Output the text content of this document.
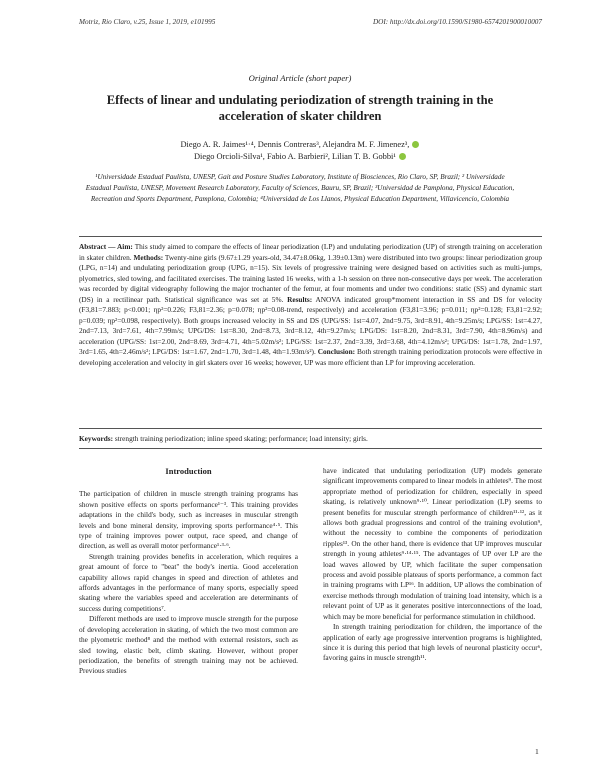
Motriz, Rio Claro, v.25, Issue 1, 2019, e101995	DOI: http://dx.doi.org/10.1590/S1980-6574201900010007
Original Article (short paper)
Effects of linear and undulating periodization of strength training in the acceleration of skater children
Diego A. R. Jaimes¹·⁴, Dennis Contreras³, Alejandra M. F. Jimenez³,
Diego Orcioli-Silva¹, Fabio A. Barbieri², Lilian T. B. Gobbi¹
¹Universidade Estadual Paulista, UNESP, Gait and Posture Studies Laboratory, Institute of Biosciences, Rio Claro, SP, Brazil; ² Universidade Estadual Paulista, UNESP, Movement Research Laboratory, Faculty of Sciences, Bauru, SP, Brazil; ³Universidad de Pamplona, Physical Education, Recreation and Sports Department, Pamplona, Colombia; ⁴Universidad de Los Llanos, Physical Education Department, Villavicencio, Colombia
Abstract — Aim: This study aimed to compare the effects of linear periodization (LP) and undulating periodization (UP) of strength training on acceleration in skater children. Methods: Twenty-nine girls (9.67±1.29 years-old, 34.47±8.06kg, 1.39±0.13m) were distributed into two groups: linear periodization group (LPG, n=14) and undulating periodization group (UPG, n=15). Six levels of progressive training were designed based on activities such as multi-jumps, plyometrics, sled towing, and facilitated exercises. The training lasted 16 weeks, with a 1-h session on three non-consecutive days per week. The acceleration was recorded by digital videography following the major trochanter of the femur, at four moments and under two conditions: static (SS) and dynamic start (DS) in a rectilinear path. Statistical significance was set at 5%. Results: ANOVA indicated group*moment interaction in SS and DS for velocity (F3,81=7.883; p<0.001; ηp²=0.226; F3,81=2.36; p=0.078; ηp²=0.08-trend, respectively) and acceleration (F3,81=3.96; p=0.011; ηp²=0.128; F3,81=2.92; p=0.039; ηp²=0.098, respectively). Both groups increased velocity in SS and DS (UPG/SS: 1st=4.07, 2nd=9.75, 3rd=8.91, 4th=9.25m/s; LPG/SS: 1st=4.27, 2nd=7.13, 3rd=7.61, 4th=7.99m/s; UPG/DS: 1st=8.30, 2nd=8.73, 3rd=8.12, 4th=9.27m/s; LPG/DS: 1st=8.20, 2nd=8.31, 3rd=7.90, 4th=8.96m/s) and acceleration (UPG/SS: 1st=2.00, 2nd=8.69, 3rd=4.71, 4th=5.02m/s²; LPG/SS: 1st=2.37, 2nd=3.39, 3rd=3.68, 4th=4.12m/s²; UPG/DS: 1st=1.78, 2nd=1.97, 3rd=1.65, 4th=2.46m/s²; LPG/DS: 1st=1.67, 2nd=1.70, 3rd=1.48, 4th=1.93m/s²). Conclusion: Both strength training periodization protocols were effective in developing acceleration and velocity in girl skaters over 16 weeks; however, UP was more efficient than LP for improving acceleration.
Keywords: strength training periodization; inline speed skating; performance; load intensity; girls.
Introduction

The participation of children in muscle strength training programs has shown positive effects on sports performance¹⁻³. This training provides adaptations in the child's body, such as increases in muscular strength levels and bone mineral density, improving sports performance⁴·⁵. This type of training improves power output, race speed, and change of direction, as well as overall motor performance¹·³·⁶.

Strength training provides benefits in acceleration, which requires a great amount of force to "beat" the body's inertia. Good acceleration capability allows rapid changes in speed and direction of athletes and affords advantages in the performance of many sports, especially speed skating where the variables speed and acceleration are determinants of success during competitions⁷.

Different methods are used to improve muscle strength for the purpose of developing acceleration in skating, of which the two most common are the plyometric method⁸ and the method with external resistors, such as sled towing, elastic belt, climb skating. However, without proper periodization, the benefits of strength training may not be achieved. Previous studies

have indicated that undulating periodization (UP) models generate significant improvements compared to linear models in athletes⁹. The most appropriate method of periodization for children, especially in speed skating, is relatively unknown⁹·¹⁰. Linear periodization (LP) seems to present benefits for muscular strength performance of children¹¹·¹², as it allows both gradual progressions and control of the training evolution⁹, without the necessity to combine the components of periodization ripples¹³. On the other hand, there is evidence that UP improves muscular strength in young athletes⁹·¹⁴·¹⁵. The advantages of UP over LP are the load waves allowed by UP, which facilitate the super compensation process and avoid possible plateaus of sports performance, a common fact in training programs with LP¹⁶. In addition, UP allows the combination of exercise methods through modulation of training load intensity, which is a relevant point of UP as it generates positive interconnections of the load, which may be more beneficial for performance stimulation in childhood.

In strength training periodization for children, the importance of the application of early age progressive intervention programs is highlighted, since it is during this period that high levels of neuronal plasticity occur⁶, favoring gains in muscle strength¹¹.

1
